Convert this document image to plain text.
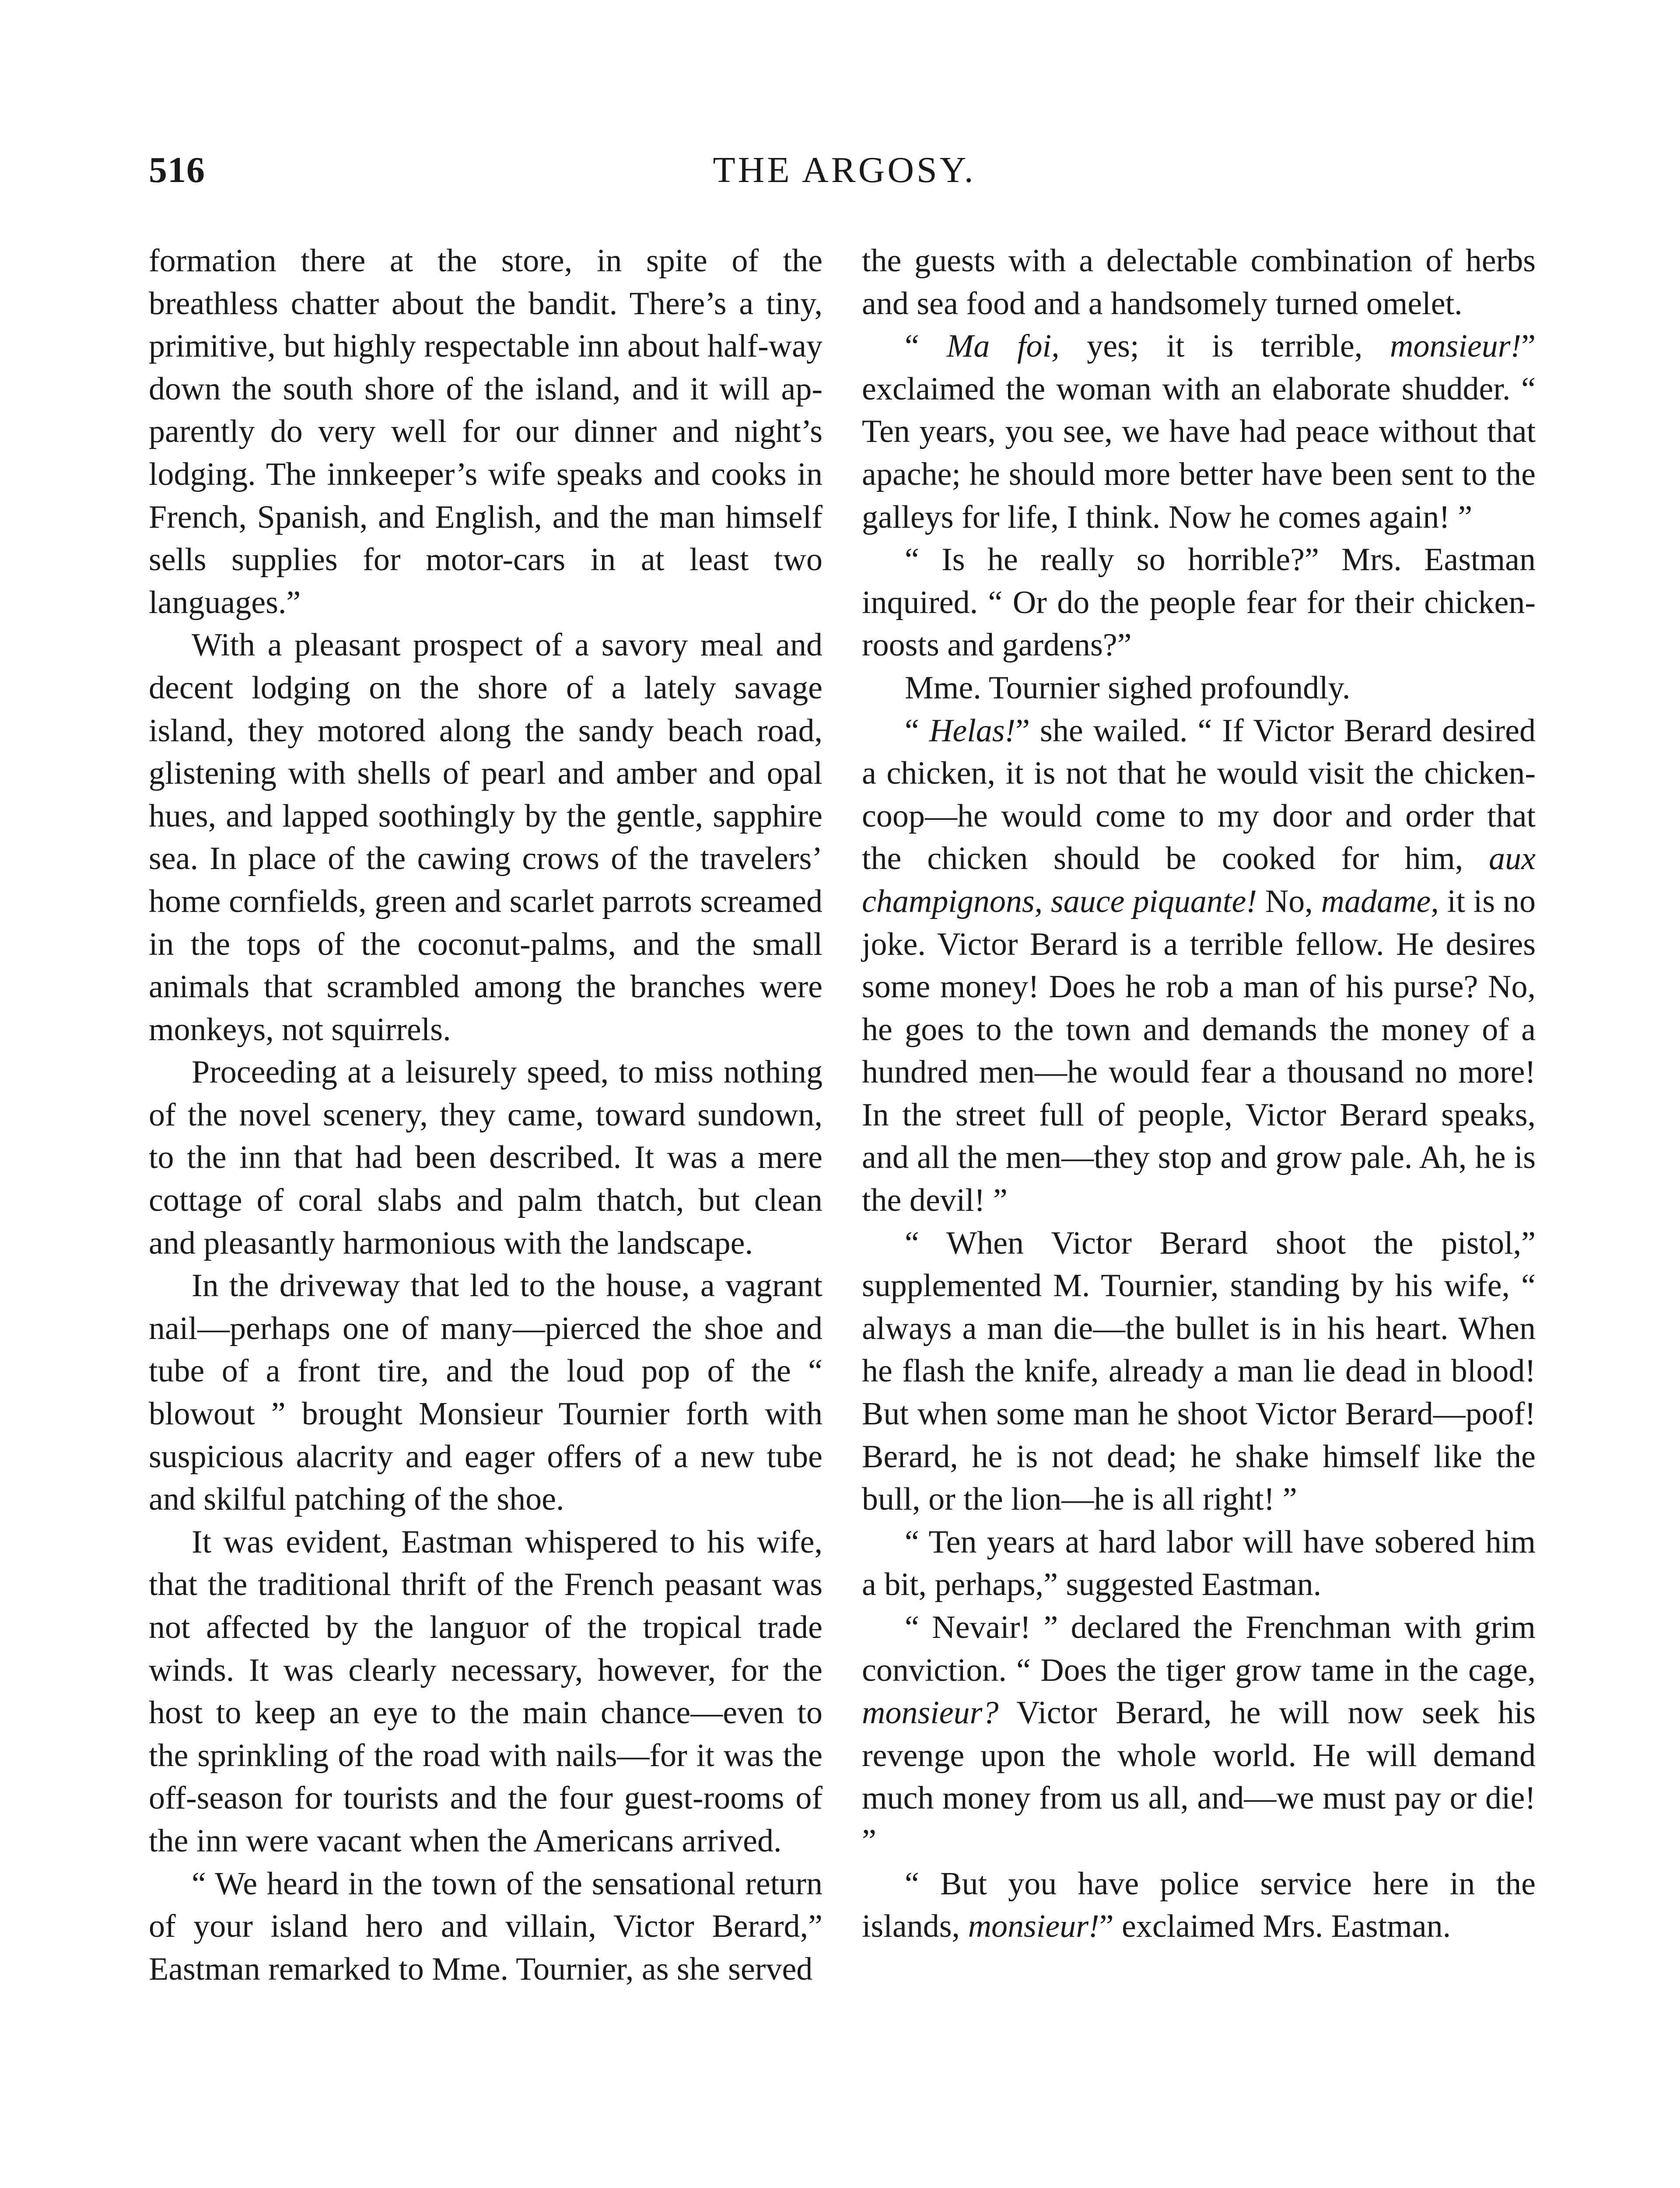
516	THE ARGOSY.

formation there at the store, in spite of the breathless chatter about the bandit. There’s a tiny, primitive, but highly respectable inn about half-way down the south shore of the island, and it will apparently do very well for our dinner and night’s lodging. The innkeeper’s wife speaks and cooks in French, Spanish, and English, and the man himself sells supplies for motor-cars in at least two languages.”

With a pleasant prospect of a savory meal and decent lodging on the shore of a lately savage island, they motored along the sandy beach road, glistening with shells of pearl and amber and opal hues, and lapped soothingly by the gentle, sapphire sea. In place of the cawing crows of the travelers’ home cornfields, green and scarlet parrots screamed in the tops of the coconut-palms, and the small animals that scrambled among the branches were monkeys, not squirrels.

Proceeding at a leisurely speed, to miss nothing of the novel scenery, they came, toward sundown, to the inn that had been described. It was a mere cottage of coral slabs and palm thatch, but clean and pleasantly harmonious with the landscape.

In the driveway that led to the house, a vagrant nail—perhaps one of many—pierced the shoe and tube of a front tire, and the loud pop of the “ blowout ” brought Monsieur Tournier forth with suspicious alacrity and eager offers of a new tube and skilful patching of the shoe.

It was evident, Eastman whispered to his wife, that the traditional thrift of the French peasant was not affected by the languor of the tropical trade winds. It was clearly necessary, however, for the host to keep an eye to the main chance—even to the sprinkling of the road with nails—for it was the off-season for tourists and the four guest-rooms of the inn were vacant when the Americans arrived.

“ We heard in the town of the sensational return of your island hero and villain, Victor Berard,” Eastman remarked to Mme. Tournier, as she served

the guests with a delectable combination of herbs and sea food and a handsomely turned omelet.

“ Ma foi, yes; it is terrible, monsieur!” exclaimed the woman with an elaborate shudder. “ Ten years, you see, we have had peace without that apache; he should more better have been sent to the galleys for life, I think. Now he comes again! ”

“ Is he really so horrible?” Mrs. Eastman inquired. “ Or do the people fear for their chicken-roosts and gardens?”

Mme. Tournier sighed profoundly.

“ Helas!” she wailed. “ If Victor Berard desired a chicken, it is not that he would visit the chicken-coop—he would come to my door and order that the chicken should be cooked for him, aux champignons, sauce piquante! No, madame, it is no joke. Victor Berard is a terrible fellow. He desires some money! Does he rob a man of his purse? No, he goes to the town and demands the money of a hundred men—he would fear a thousand no more! In the street full of people, Victor Berard speaks, and all the men—they stop and grow pale. Ah, he is the devil! ”

“ When Victor Berard shoot the pistol,” supplemented M. Tournier, standing by his wife, “ always a man die—the bullet is in his heart. When he flash the knife, already a man lie dead in blood! But when some man he shoot Victor Berard—poof! Berard, he is not dead; he shake himself like the bull, or the lion—he is all right! ”

“ Ten years at hard labor will have sobered him a bit, perhaps,” suggested Eastman.

“ Nevair! ” declared the Frenchman with grim conviction. “ Does the tiger grow tame in the cage, monsieur? Victor Berard, he will now seek his revenge upon the whole world. He will demand much money from us all, and—we must pay or die! ”

“ But you have police service here in the islands, monsieur!” exclaimed Mrs. Eastman.
